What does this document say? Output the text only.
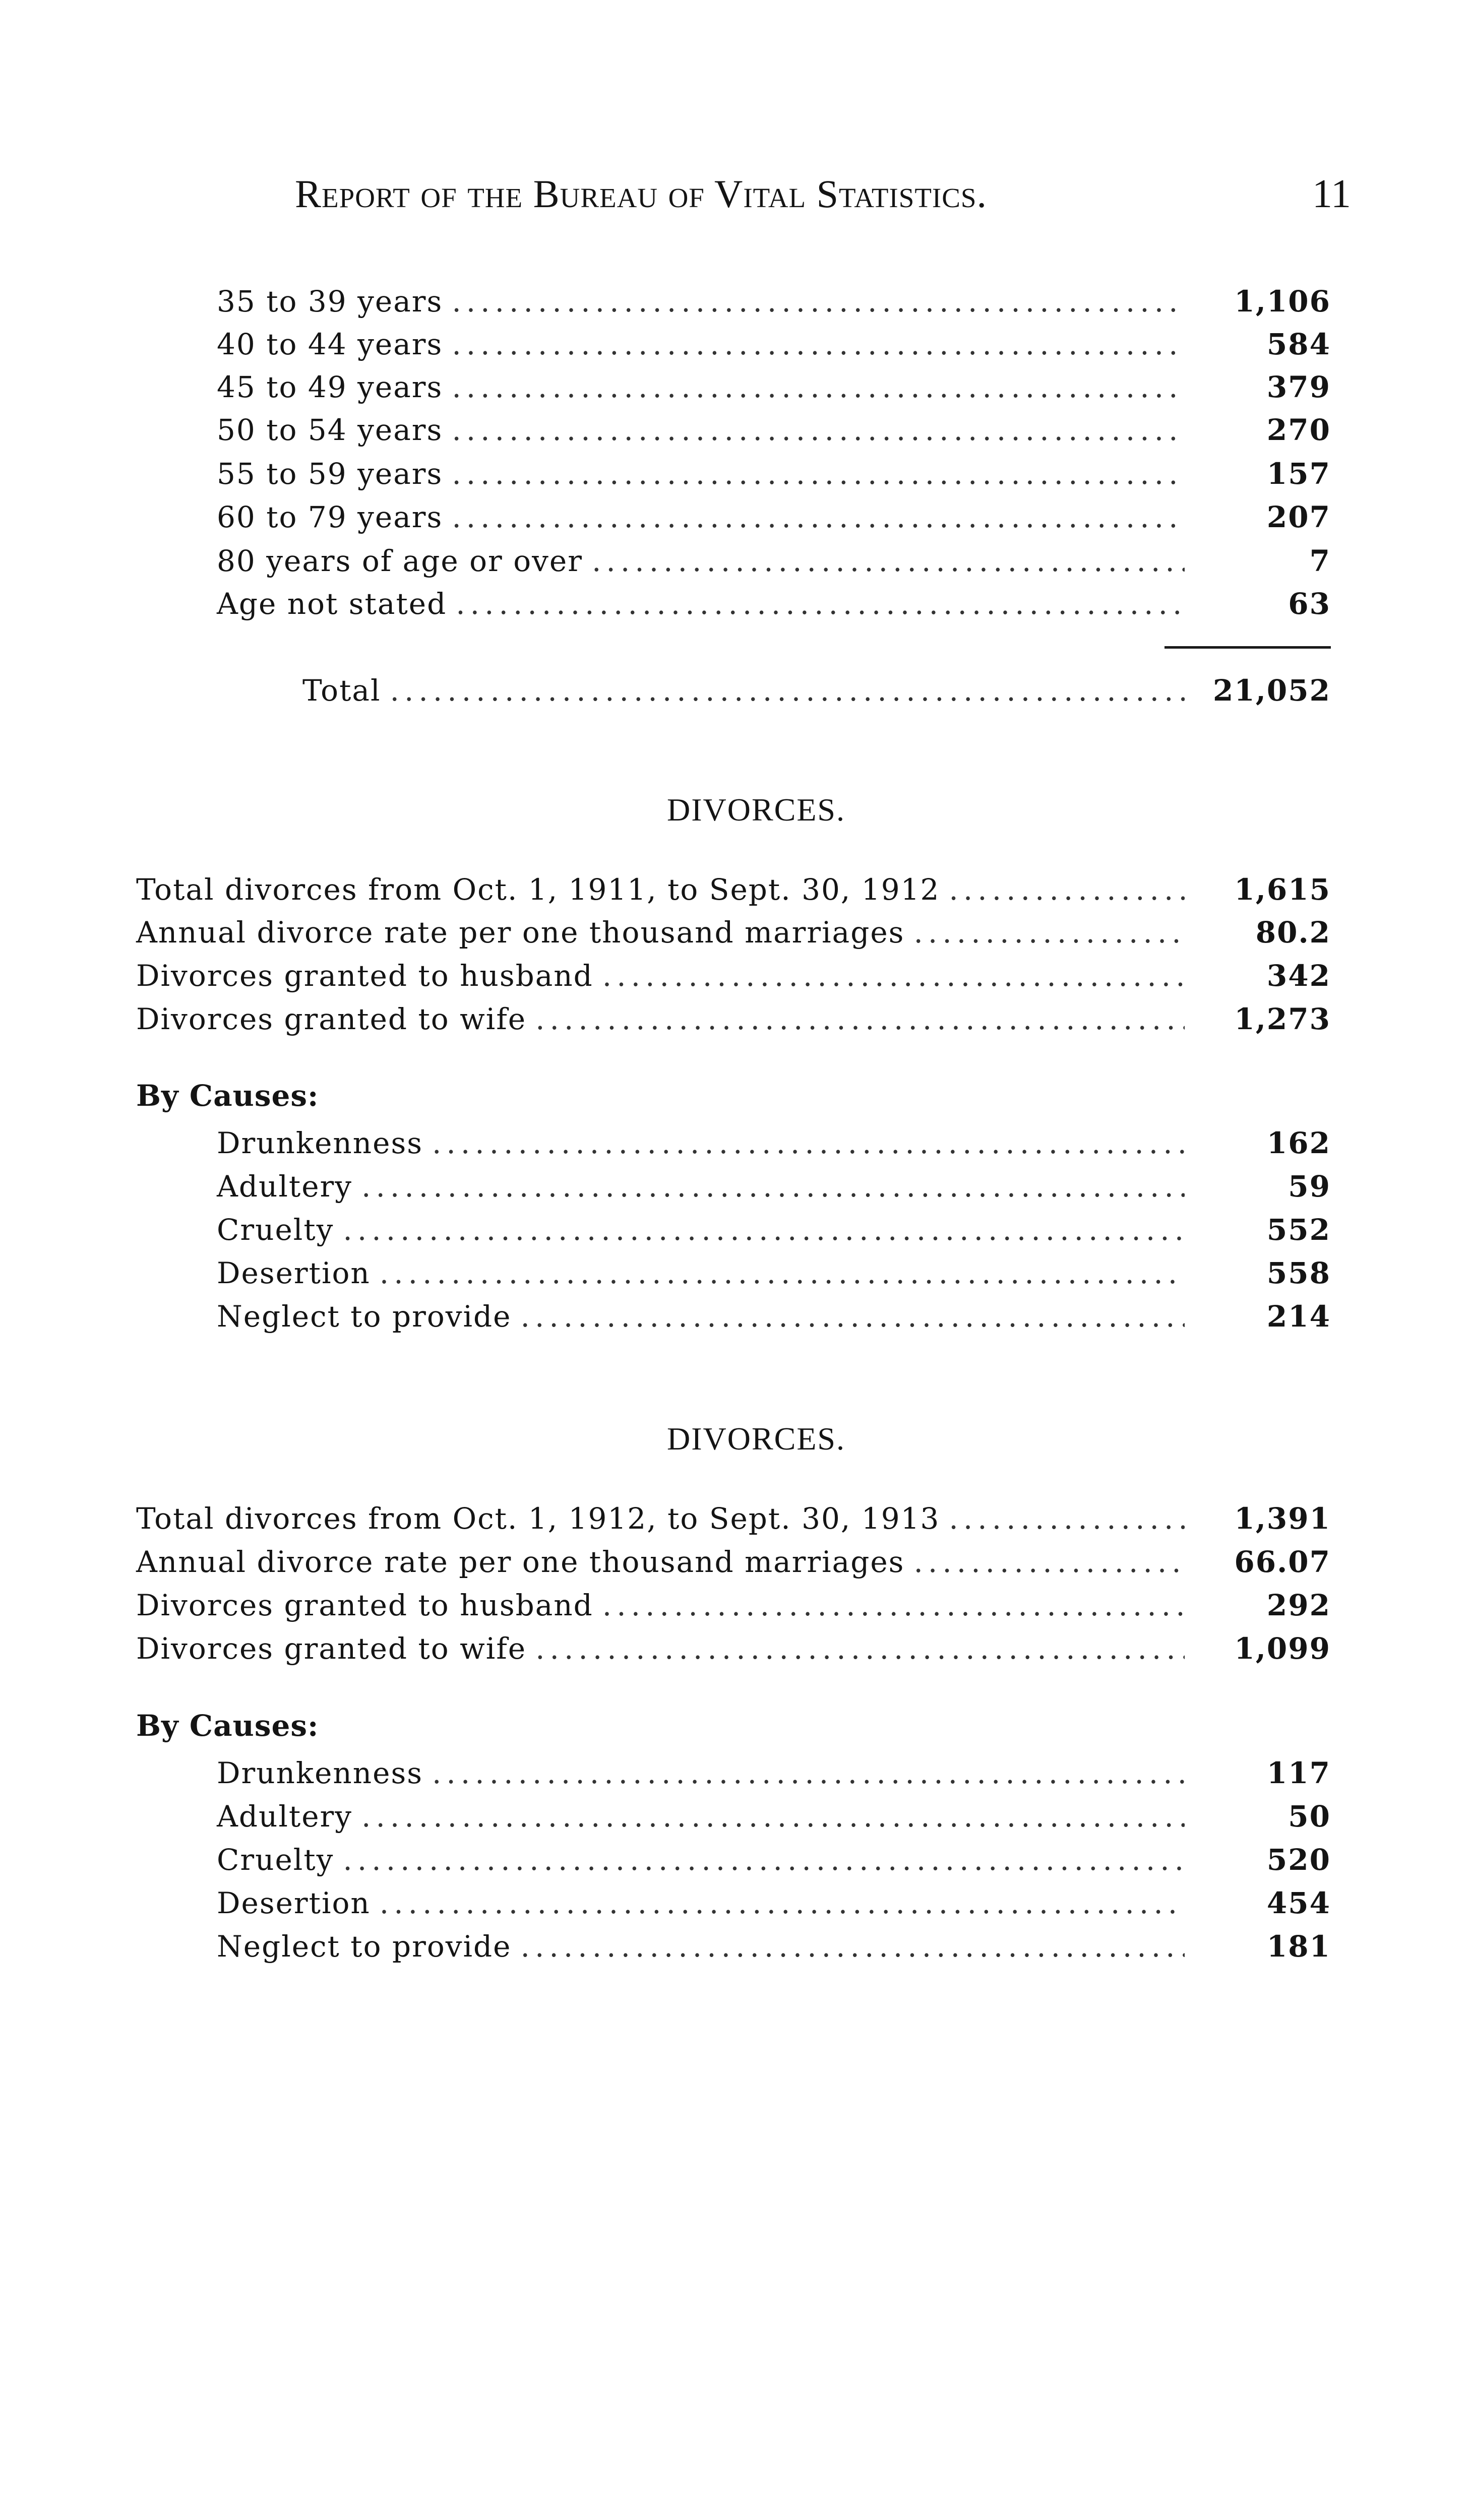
Report of the Bureau of Vital Statistics.	11
35 to 39 years .....	1,106
40 to 44 years .....	584
45 to 49 years .....	379
50 to 54 years .....	270
55 to 59 years .....	157
60 to 79 years .....	207
80 years of age or over .....	7
Age not stated .....	63
Total .....	21,052
DIVORCES.
Total divorces from Oct. 1, 1911, to Sept. 30, 1912 .....	1,615
Annual divorce rate per one thousand marriages .....	80.2
Divorces granted to husband .....	342
Divorces granted to wife .....	1,273
By Causes:
Drunkenness .....	162
Adultery .....	59
Cruelty .....	552
Desertion .....	558
Neglect to provide .....	214
DIVORCES.
Total divorces from Oct. 1, 1912, to Sept. 30, 1913 .....	1,391
Annual divorce rate per one thousand marriages .....	66.07
Divorces granted to husband .....	292
Divorces granted to wife .....	1,099
By Causes:
Drunkenness .....	117
Adultery .....	50
Cruelty .....	520
Desertion .....	454
Neglect to provide .....	181
